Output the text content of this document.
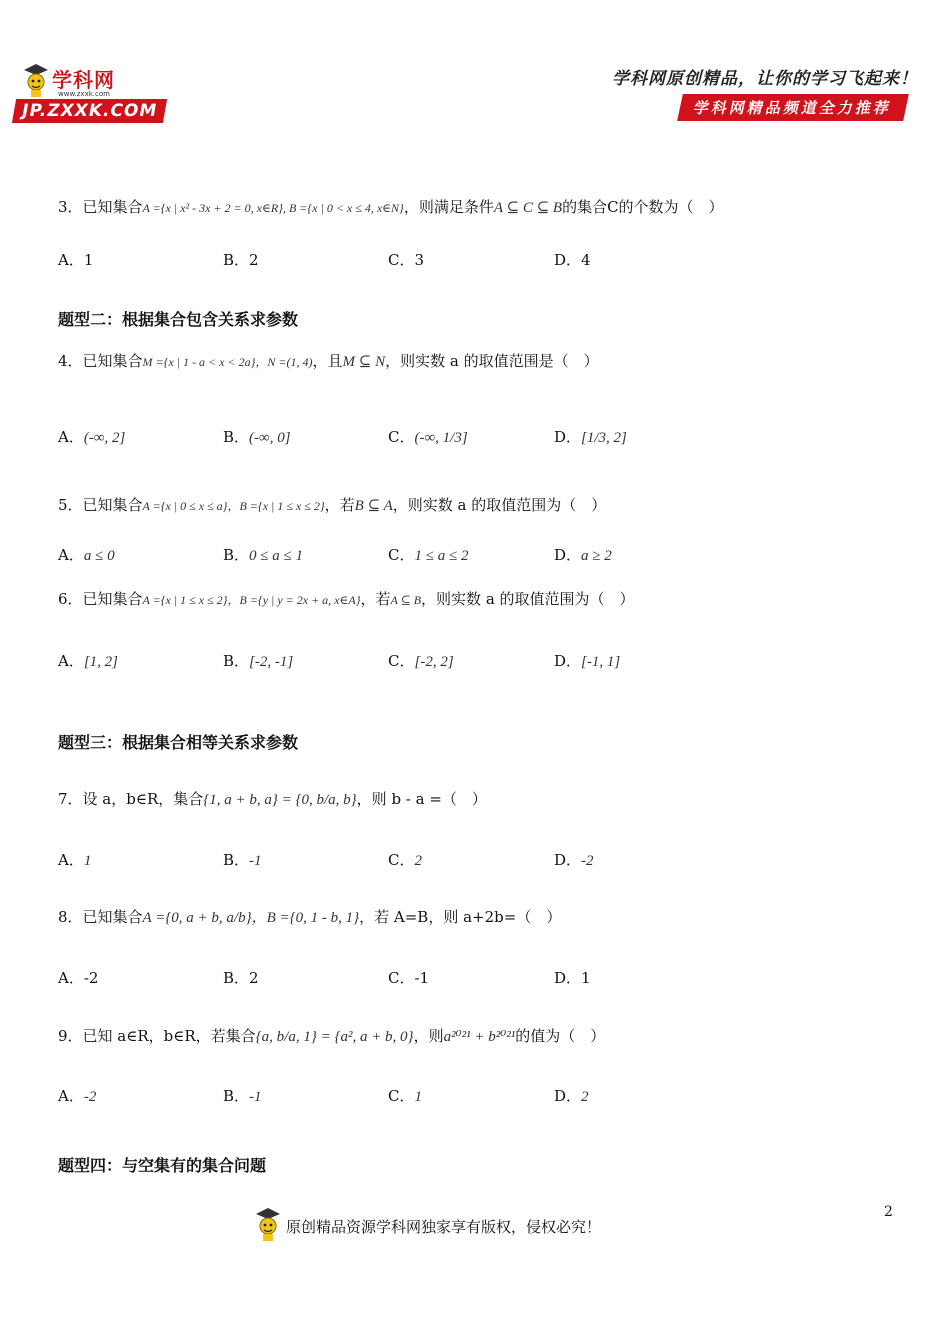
学科网
www.zxxk.com
JP.ZXXK.COM
学科网原创精品，让你的学习飞起来！
学科网精品频道全力推荐
3．已知集合A ={x | x² - 3x + 2 = 0, x∈R}, B ={x | 0 < x ≤ 4, x∈N}，则满足条件A ⊆ C ⊆ B的集合C的个数为（　）
A．1	B．2	C．3	D．4
题型二：根据集合包含关系求参数
4．已知集合M ={x | 1 - a < x < 2a}，N =(1, 4)，且M ⊆ N，则实数 a 的取值范围是（　）
A．(-∞, 2]	B．(-∞, 0]	C．(-∞, 1/3]	D．[1/3, 2]
5．已知集合A ={x | 0 ≤ x ≤ a}，B ={x | 1 ≤ x ≤ 2}，若B ⊆ A，则实数 a 的取值范围为（　）
A．a ≤ 0	B．0 ≤ a ≤ 1	C．1 ≤ a ≤ 2	D．a ≥ 2
6．已知集合A ={x | 1 ≤ x ≤ 2}，B ={y | y = 2x + a, x∈A}，若A ⊆ B，则实数 a 的取值范围为（　）
A．[1, 2]	B．[-2, -1]	C．[-2, 2]	D．[-1, 1]
题型三：根据集合相等关系求参数
7．设 a，b∈R，集合{1, a + b, a} = {0, b/a, b}，则 b - a =（　）
A．1	B．-1	C．2	D．-2
8．已知集合A ={0, a + b, a/b}，B ={0, 1 - b, 1}，若 A=B，则 a+2b=（　）
A．-2	B．2	C．-1	D．1
9．已知 a∈R，b∈R，若集合{a, b/a, 1} = {a², a + b, 0}，则a²⁰²¹ + b²⁰²¹的值为（　）
A．-2	B．-1	C．1	D．2
题型四：与空集有的集合问题
原创精品资源学科网独家享有版权，侵权必究！
2
